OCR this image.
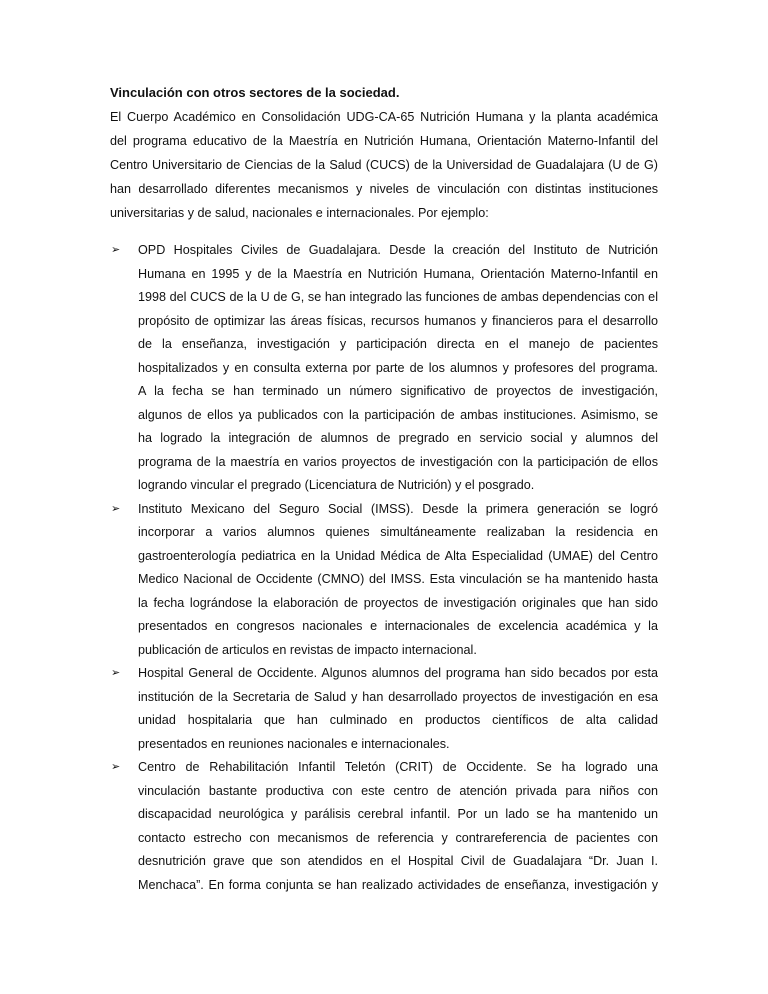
Vinculación con otros sectores de la sociedad.
El Cuerpo Académico en Consolidación UDG-CA-65 Nutrición Humana y la planta académica
del programa educativo de la Maestría en Nutrición Humana, Orientación Materno-Infantil del
Centro Universitario de Ciencias de la Salud (CUCS) de la Universidad de Guadalajara (U de G)
han desarrollado diferentes mecanismos y niveles de vinculación con distintas instituciones
universitarias y de salud, nacionales e internacionales. Por ejemplo:
➢ OPD Hospitales Civiles de Guadalajara. Desde la creación del Instituto de Nutrición
Humana en 1995 y de la Maestría en Nutrición Humana, Orientación Materno-Infantil en
1998 del CUCS de la U de G, se han integrado las funciones de ambas dependencias con el
propósito de optimizar las áreas físicas, recursos humanos y financieros para el desarrollo
de la enseñanza, investigación y participación directa en el manejo de pacientes
hospitalizados y en consulta externa por parte de los alumnos y profesores del programa.
A la fecha se han terminado un número significativo de proyectos de investigación,
algunos de ellos ya publicados con la participación de ambas instituciones. Asimismo, se
ha logrado la integración de alumnos de pregrado en servicio social y alumnos del
programa de la maestría en varios proyectos de investigación con la participación de ellos
logrando vincular el pregrado (Licenciatura de Nutrición) y el posgrado.
➢ Instituto Mexicano del Seguro Social (IMSS). Desde la primera generación se logró
incorporar a varios alumnos quienes simultáneamente realizaban la residencia en
gastroenterología pediatrica en la Unidad Médica de Alta Especialidad (UMAE) del Centro
Medico Nacional de Occidente (CMNO) del IMSS. Esta vinculación se ha mantenido hasta
la fecha lográndose la elaboración de proyectos de investigación originales que han sido
presentados en congresos nacionales e internacionales de excelencia académica y la
publicación de articulos en revistas de impacto internacional.
➢ Hospital General de Occidente. Algunos alumnos del programa han sido becados por esta
institución de la Secretaria de Salud y han desarrollado proyectos de investigación en esa
unidad hospitalaria que han culminado en productos científicos de alta calidad
presentados en reuniones nacionales e internacionales.
➢ Centro de Rehabilitación Infantil Teletón (CRIT) de Occidente. Se ha logrado una
vinculación bastante productiva con este centro de atención privada para niños con
discapacidad neurológica y parálisis cerebral infantil. Por un lado se ha mantenido un
contacto estrecho con mecanismos de referencia y contrareferencia de pacientes con
desnutrición grave que son atendidos en el Hospital Civil de Guadalajara “Dr. Juan I.
Menchaca”. En forma conjunta se han realizado actividades de enseñanza, investigación y
